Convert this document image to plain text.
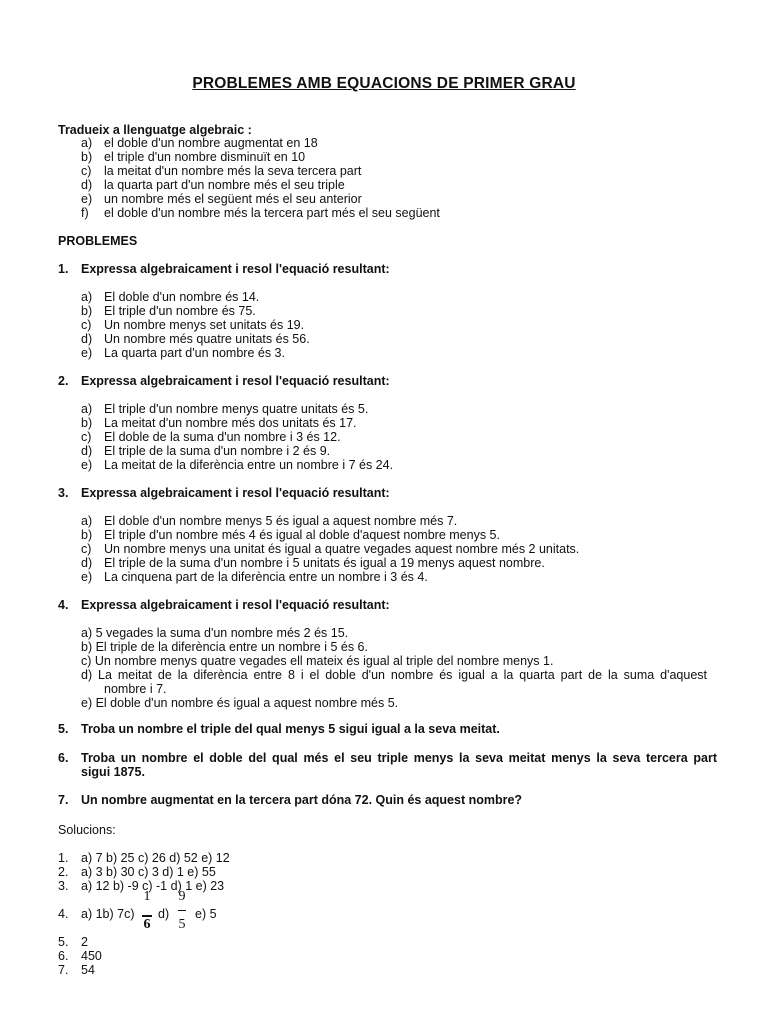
PROBLEMES AMB EQUACIONS DE PRIMER GRAU
Tradueix a llenguatge algebraic :
a) el doble d'un nombre augmentat en 18
b) el triple d'un nombre disminuït en 10
c) la meitat d'un nombre més la seva tercera part
d) la quarta part d'un nombre més el seu triple
e) un nombre més el següent més el seu anterior
f) el doble d'un nombre més la tercera part més el seu següent
PROBLEMES
1. Expressa algebraicament i resol l'equació resultant:
a) El doble d'un nombre és 14.
b) El triple d'un nombre és 75.
c) Un nombre menys set unitats és 19.
d) Un nombre més quatre unitats és 56.
e) La quarta part d'un nombre és 3.
2. Expressa algebraicament i resol l'equació resultant:
a) El triple d'un nombre menys quatre unitats és 5.
b) La meitat d'un nombre més dos unitats és 17.
c) El doble de la suma d'un nombre i 3 és 12.
d) El triple de la suma d'un nombre i 2 és 9.
e) La meitat de la diferència entre un nombre i 7 és 24.
3. Expressa algebraicament i resol l'equació resultant:
a) El doble d'un nombre menys 5 és igual a aquest nombre més 7.
b) El triple d'un nombre més 4 és igual al doble d'aquest nombre menys 5.
c) Un nombre menys una unitat és igual a quatre vegades aquest nombre més 2 unitats.
d) El triple de la suma d'un nombre i 5 unitats és igual a 19 menys aquest nombre.
e) La cinquena part de la diferència entre un nombre i 3 és 4.
4. Expressa algebraicament i resol l'equació resultant:
a) 5 vegades la suma d'un nombre més 2 és 15.
b) El triple de la diferència entre un nombre i 5 és 6.
c) Un nombre menys quatre vegades ell mateix és igual al triple del nombre menys 1.
d) La meitat de la diferència entre 8 i el doble d'un nombre és igual a la quarta part de la suma d'aquest
nombre i 7.
e) El doble d'un nombre és igual a aquest nombre més 5.
5. Troba un nombre el triple del qual menys 5 sigui igual a la seva meitat.
6. Troba un nombre el doble del qual més el seu triple menys la seva meitat menys la seva tercera part
sigui 1875.
7. Un nombre augmentat en la tercera part dóna 72. Quin és aquest nombre?
Solucions:
1. a) 7 b) 25 c) 26 d) 52 e) 12
2. a) 3 b) 30 c) 3 d) 1 e) 55
3. a) 12 b) -9 c) -1 d) 1 e) 23
4. a) 1b) 7c) d) e) 5
1
6
9
5
5. 2
6. 450
7. 54
